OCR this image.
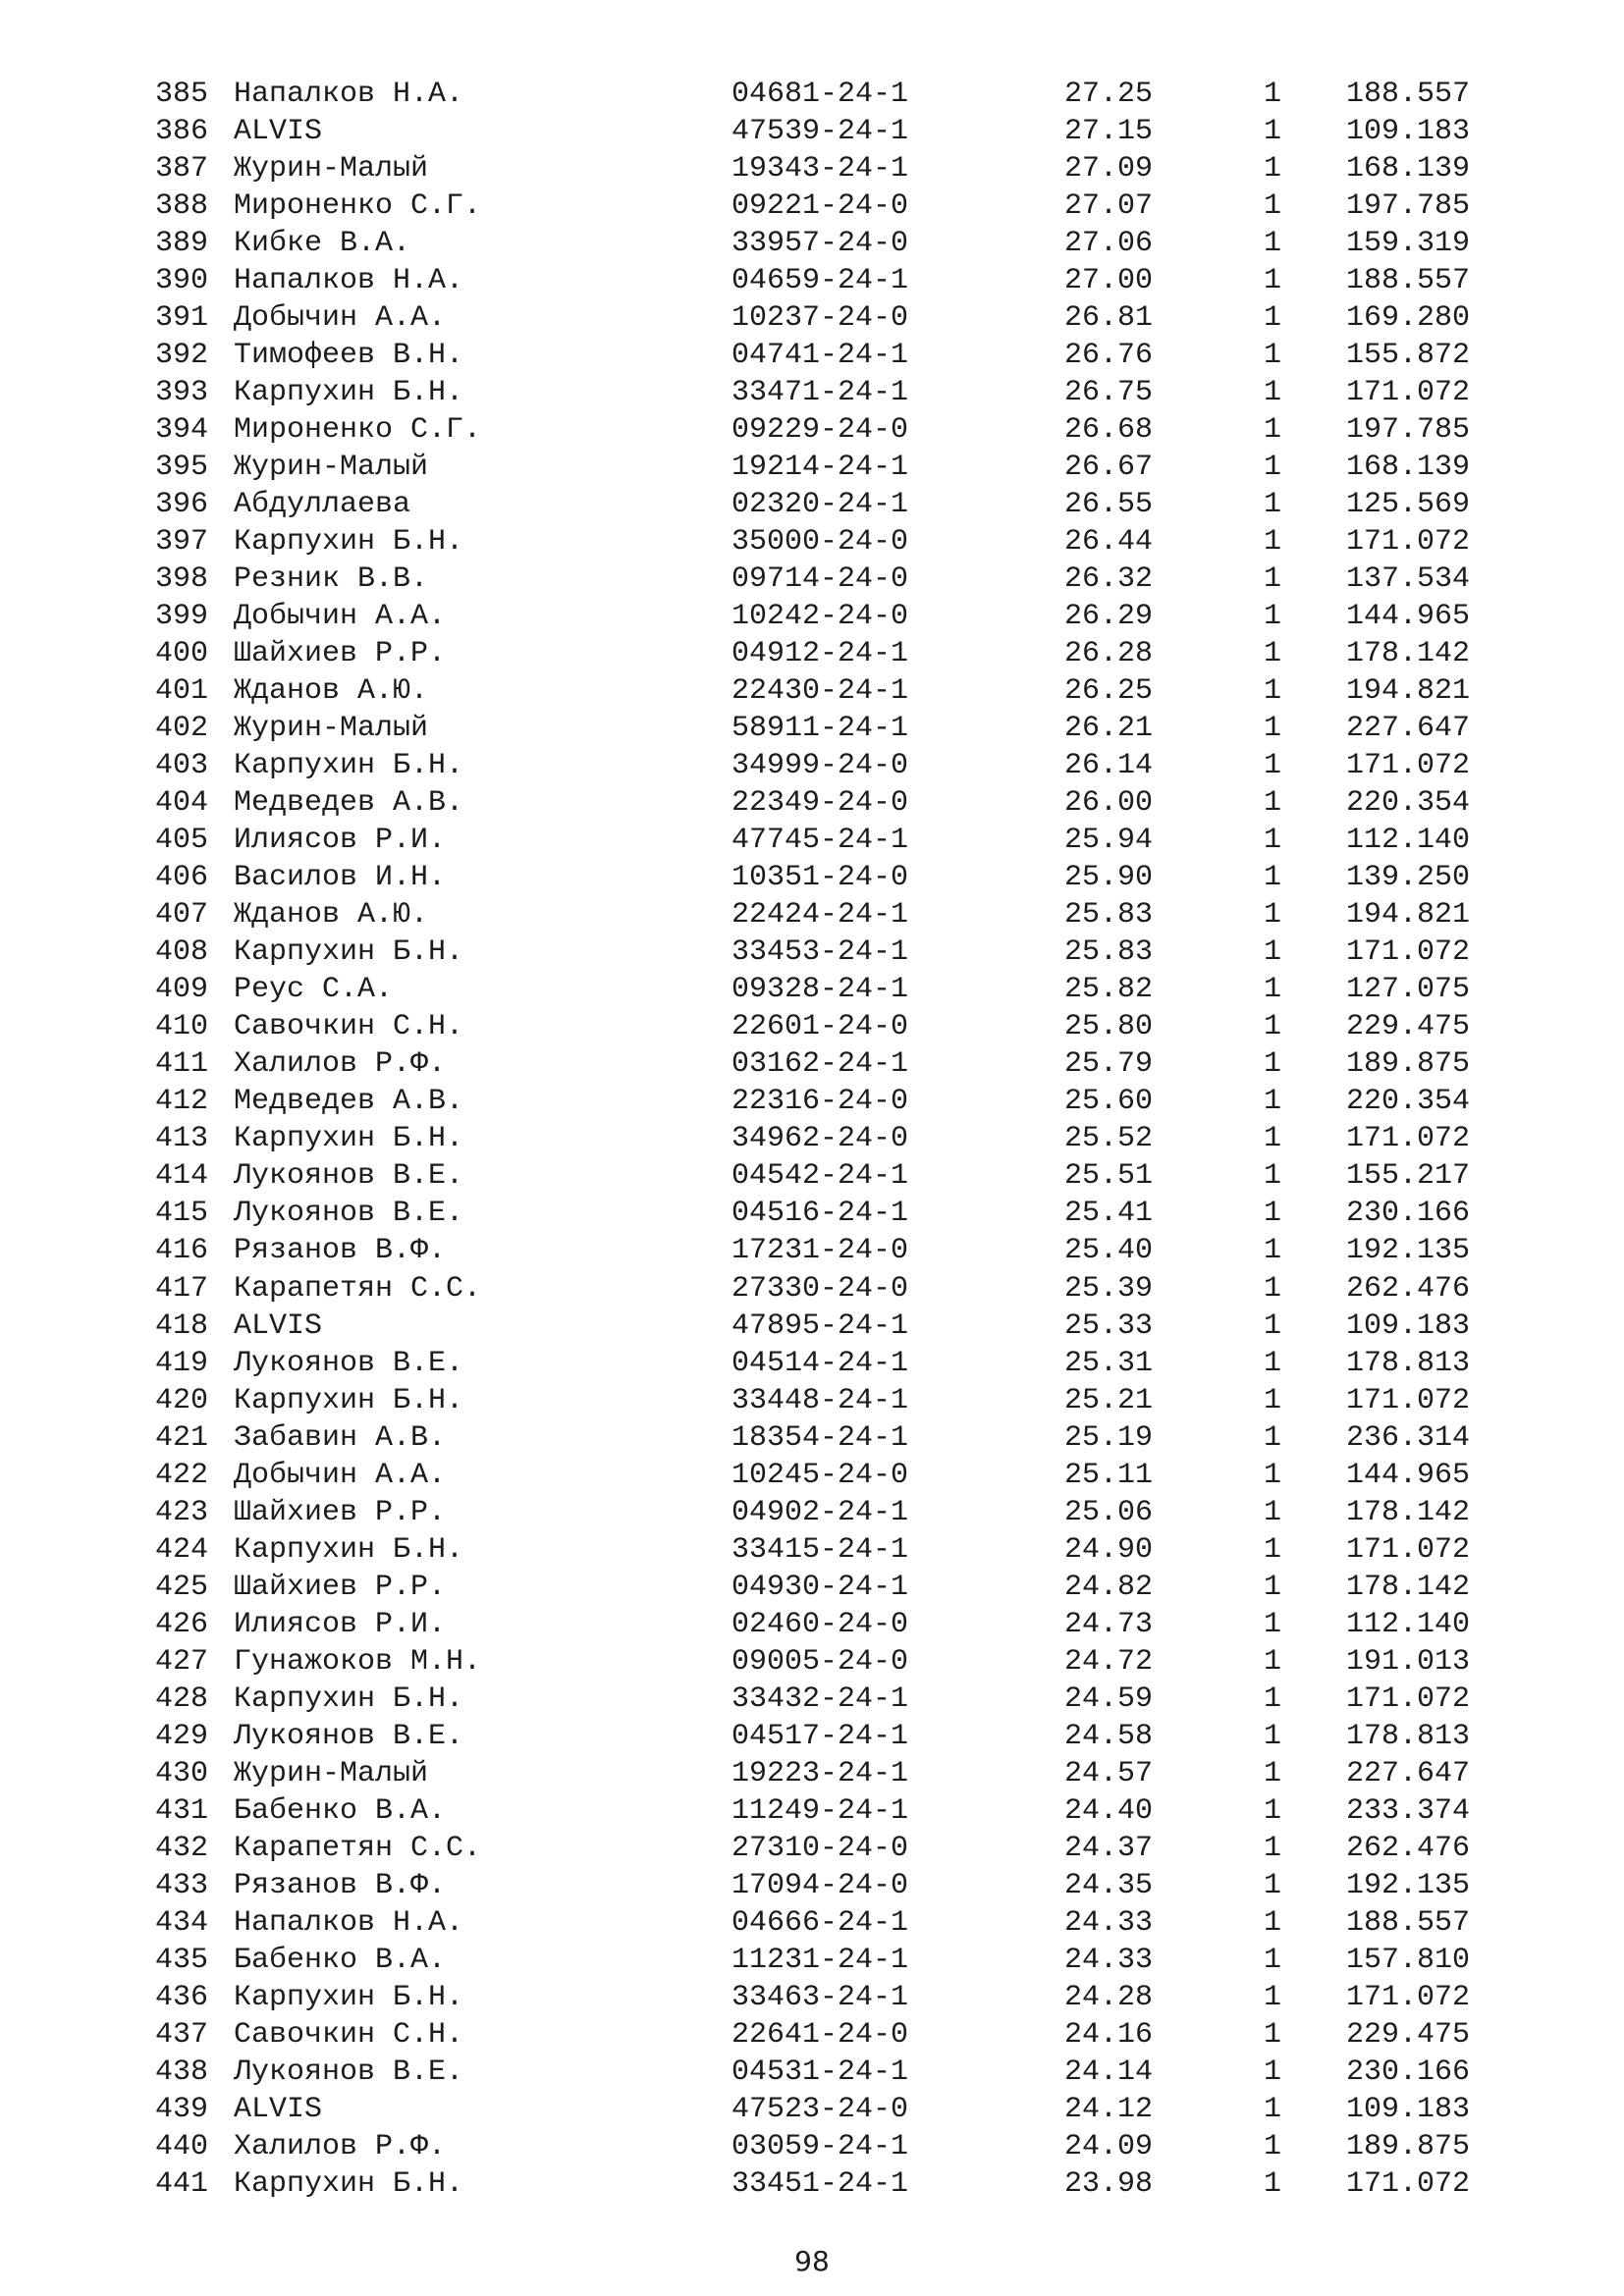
385 Напалков Н.А.	04681-24-1	27.25	1 188.557
386 ALVIS	47539-24-1	27.15	1 109.183
387 Журин-Малый	19343-24-1	27.09	1 168.139
388 Мироненко С.Г.	09221-24-0	27.07	1 197.785
389 Кибке В.А.	33957-24-0	27.06	1 159.319
390 Напалков Н.А.	04659-24-1	27.00	1 188.557
391 Добычин А.А.	10237-24-0	26.81	1 169.280
392 Тимофеев В.Н.	04741-24-1	26.76	1 155.872
393 Карпухин Б.Н.	33471-24-1	26.75	1 171.072
394 Мироненко С.Г.	09229-24-0	26.68	1 197.785
395 Журин-Малый	19214-24-1	26.67	1 168.139
396 Абдуллаева	02320-24-1	26.55	1 125.569
397 Карпухин Б.Н.	35000-24-0	26.44	1 171.072
398 Резник В.В.	09714-24-0	26.32	1 137.534
399 Добычин А.А.	10242-24-0	26.29	1 144.965
400 Шайхиев Р.Р.	04912-24-1	26.28	1 178.142
401 Жданов А.Ю.	22430-24-1	26.25	1 194.821
402 Журин-Малый	58911-24-1	26.21	1 227.647
403 Карпухин Б.Н.	34999-24-0	26.14	1 171.072
404 Медведев А.В.	22349-24-0	26.00	1 220.354
405 Илиясов Р.И.	47745-24-1	25.94	1 112.140
406 Василов И.Н.	10351-24-0	25.90	1 139.250
407 Жданов А.Ю.	22424-24-1	25.83	1 194.821
408 Карпухин Б.Н.	33453-24-1	25.83	1 171.072
409 Реус С.А.	09328-24-1	25.82	1 127.075
410 Савочкин С.Н.	22601-24-0	25.80	1 229.475
411 Халилов Р.Ф.	03162-24-1	25.79	1 189.875
412 Медведев А.В.	22316-24-0	25.60	1 220.354
413 Карпухин Б.Н.	34962-24-0	25.52	1 171.072
414 Лукоянов В.Е.	04542-24-1	25.51	1 155.217
415 Лукоянов В.Е.	04516-24-1	25.41	1 230.166
416 Рязанов В.Ф.	17231-24-0	25.40	1 192.135
417 Карапетян С.С.	27330-24-0	25.39	1 262.476
418 ALVIS	47895-24-1	25.33	1 109.183
419 Лукоянов В.Е.	04514-24-1	25.31	1 178.813
420 Карпухин Б.Н.	33448-24-1	25.21	1 171.072
421 Забавин А.В.	18354-24-1	25.19	1 236.314
422 Добычин А.А.	10245-24-0	25.11	1 144.965
423 Шайхиев Р.Р.	04902-24-1	25.06	1 178.142
424 Карпухин Б.Н.	33415-24-1	24.90	1 171.072
425 Шайхиев Р.Р.	04930-24-1	24.82	1 178.142
426 Илиясов Р.И.	02460-24-0	24.73	1 112.140
427 Гунажоков М.Н.	09005-24-0	24.72	1 191.013
428 Карпухин Б.Н.	33432-24-1	24.59	1 171.072
429 Лукоянов В.Е.	04517-24-1	24.58	1 178.813
430 Журин-Малый	19223-24-1	24.57	1 227.647
431 Бабенко В.А.	11249-24-1	24.40	1 233.374
432 Карапетян С.С.	27310-24-0	24.37	1 262.476
433 Рязанов В.Ф.	17094-24-0	24.35	1 192.135
434 Напалков Н.А.	04666-24-1	24.33	1 188.557
435 Бабенко В.А.	11231-24-1	24.33	1 157.810
436 Карпухин Б.Н.	33463-24-1	24.28	1 171.072
437 Савочкин С.Н.	22641-24-0	24.16	1 229.475
438 Лукоянов В.Е.	04531-24-1	24.14	1 230.166
439 ALVIS	47523-24-0	24.12	1 109.183
440 Халилов Р.Ф.	03059-24-1	24.09	1 189.875
441 Карпухин Б.Н.	33451-24-1	23.98	1 171.072
98
